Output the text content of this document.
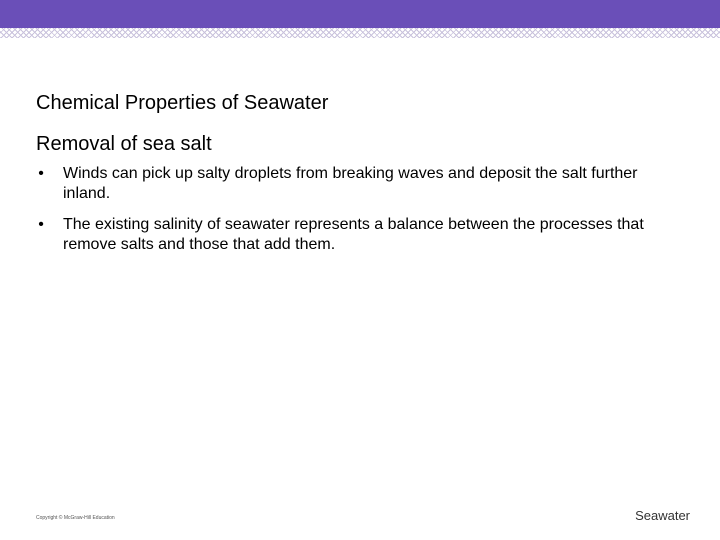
Chemical Properties of Seawater
Removal of sea salt
• Winds can pick up salty droplets from breaking waves and deposit the salt further inland.
• The existing salinity of seawater represents a balance between the processes that remove salts and those that add them.
Copyright © McGraw-Hill Education	Seawater
